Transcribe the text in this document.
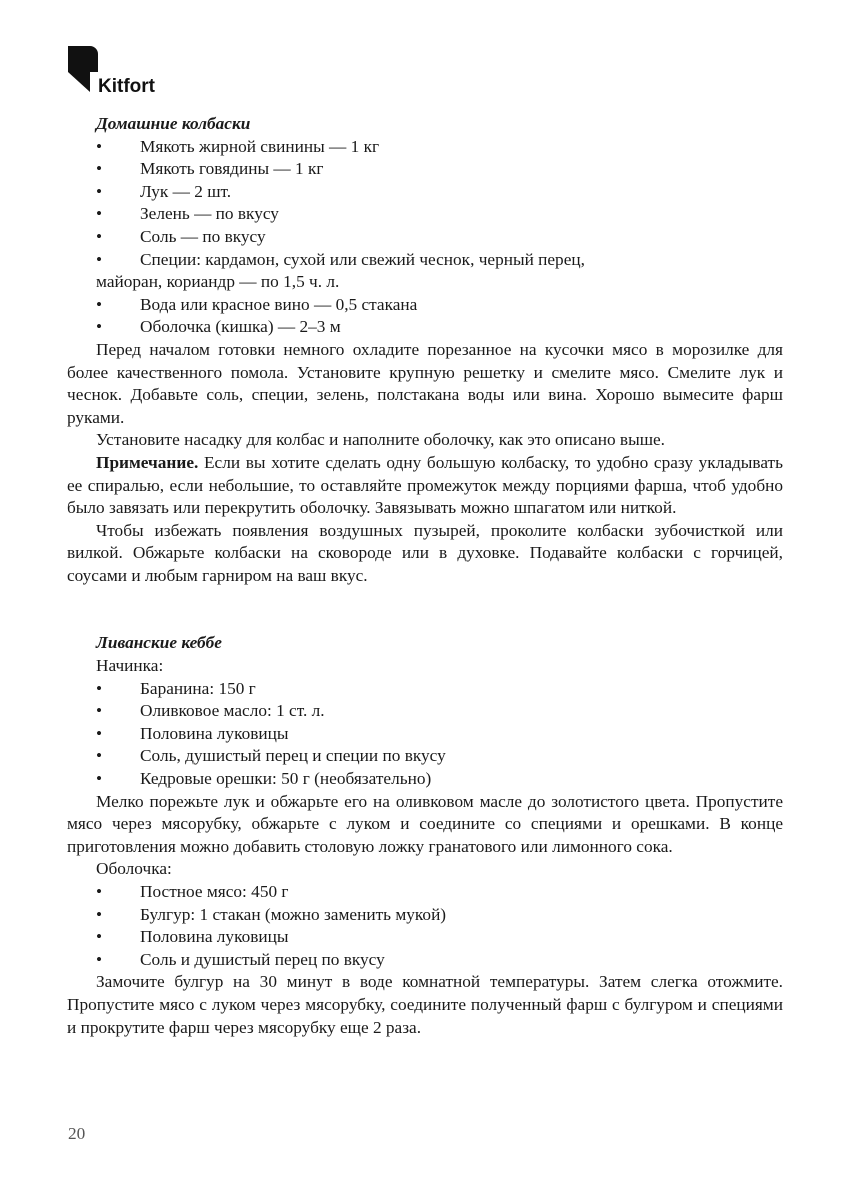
Kitfort
Домашние колбаски
• Мякоть жирной свинины — 1 кг
• Мякоть говядины — 1 кг
• Лук — 2 шт.
• Зелень — по вкусу
• Соль — по вкусу
• Специи: кардамон, сухой или свежий чеснок, черный перец,
майоран, кориандр — по 1,5 ч. л.
• Вода или красное вино — 0,5 стакана
• Оболочка (кишка) — 2–3 м
Перед началом готовки немного охладите порезанное на кусочки мясо в морозилке для более качественного помола. Установите крупную решетку и смелите мясо. Смелите лук и чеснок. Добавьте соль, специи, зелень, полстакана воды или вина. Хорошо вымесите фарш руками.
Установите насадку для колбас и наполните оболочку, как это описано выше.
Примечание. Если вы хотите сделать одну большую колбаску, то удобно сразу укладывать ее спиралью, если небольшие, то оставляйте промежуток между порциями фарша, чтоб удобно было завязать или перекрутить оболочку. Завязывать можно шпагатом или ниткой.
Чтобы избежать появления воздушных пузырей, проколите колбаски зубочисткой или вилкой. Обжарьте колбаски на сковороде или в духовке. Подавайте колбаски с горчицей, соусами и любым гарниром на ваш вкус.
Ливанские кеббе
Начинка:
• Баранина: 150 г
• Оливковое масло: 1 ст. л.
• Половина луковицы
• Соль, душистый перец и специи по вкусу
• Кедровые орешки: 50 г (необязательно)
Мелко порежьте лук и обжарьте его на оливковом масле до золотистого цвета. Пропустите мясо через мясорубку, обжарьте с луком и соедините со специями и орешками. В конце приготовления можно добавить столовую ложку гранатового или лимонного сока.
Оболочка:
• Постное мясо: 450 г
• Булгур: 1 стакан (можно заменить мукой)
• Половина луковицы
• Соль и душистый перец по вкусу
Замочите булгур на 30 минут в воде комнатной температуры. Затем слегка отожмите. Пропустите мясо с луком через мясорубку, соедините полученный фарш с булгуром и специями и прокрутите фарш через мясорубку еще 2 раза.
20
